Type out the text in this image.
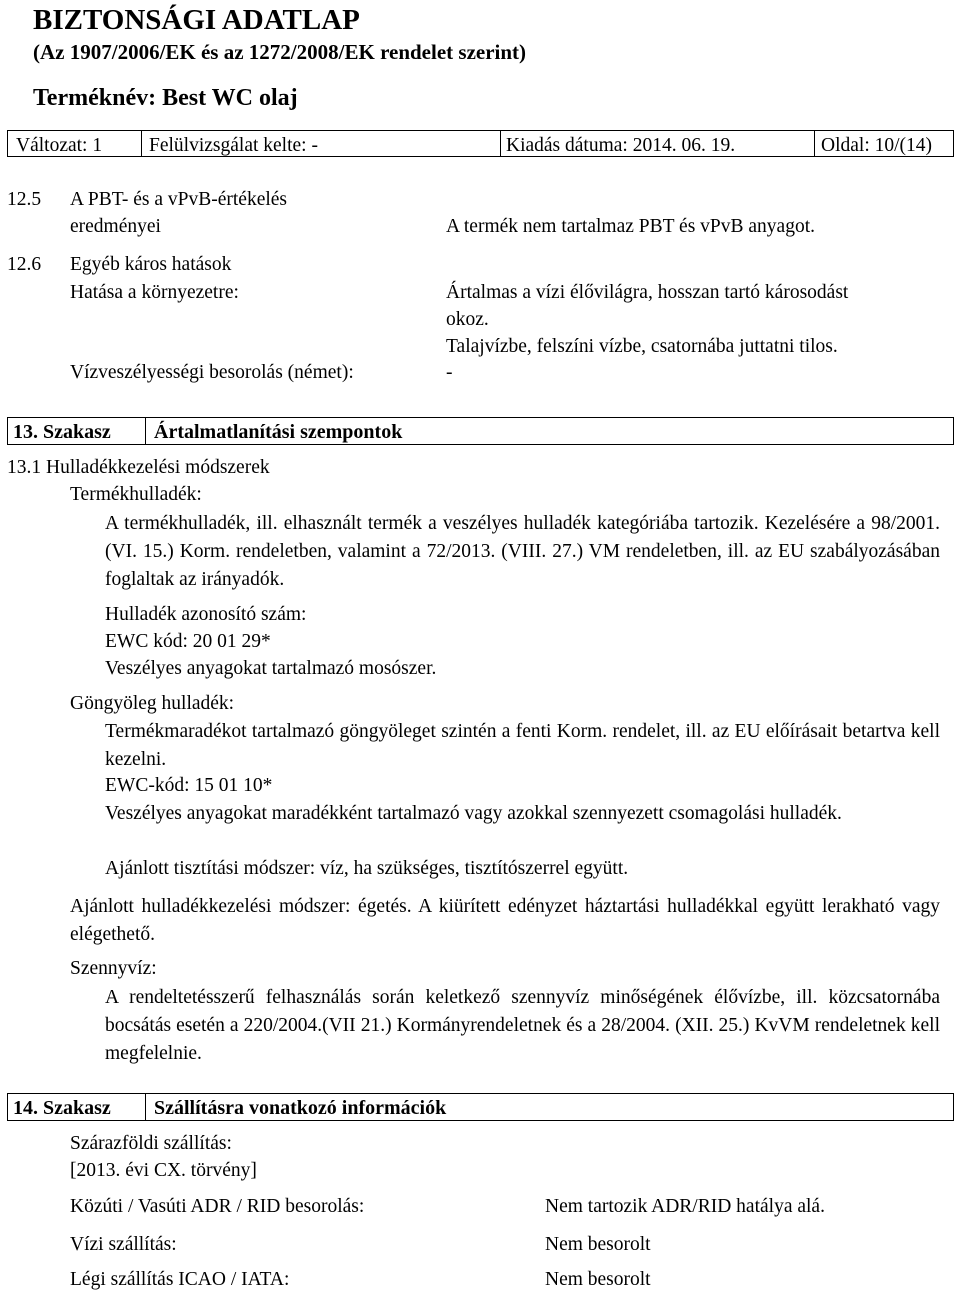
BIZTONSÁGI ADATLAP
(Az 1907/2006/EK és az 1272/2008/EK rendelet szerint)
Terméknév: Best WC olaj
Változat: 1 Felülvizsgálat kelte: -	Kiadás dátuma: 2014. 06. 19.	Oldal: 10/(14)
12.5 A PBT- és a vPvB-értékelés
eredményei	A termék nem tartalmaz PBT és vPvB anyagot.
12.6 Egyéb káros hatások
Hatása a környezetre:	Ártalmas a vízi élővilágra, hosszan tartó károsodást
okoz.
Talajvízbe, felszíni vízbe, csatornába juttatni tilos.
Vízveszélyességi besorolás (német):	-
13. Szakasz Ártalmatlanítási szempontok
13.1 Hulladékkezelési módszerek
Termékhulladék:
A termékhulladék, ill. elhasznált termék a veszélyes hulladék kategóriába tartozik. Kezelésére a 98/2001. (VI. 15.) Korm. rendeletben, valamint a 72/2013. (VIII. 27.) VM rendeletben, ill. az EU szabályozásában foglaltak az irányadók.
Hulladék azonosító szám:
EWC kód: 20 01 29*
Veszélyes anyagokat tartalmazó mosószer.
Göngyöleg hulladék:
Termékmaradékot tartalmazó göngyöleget szintén a fenti Korm. rendelet, ill. az EU előírásait betartva kell kezelni.
EWC-kód: 15 01 10*
Veszélyes anyagokat maradékként tartalmazó vagy azokkal szennyezett csomagolási hulladék.
Ajánlott tisztítási módszer: víz, ha szükséges, tisztítószerrel együtt.
Ajánlott hulladékkezelési módszer: égetés. A kiürített edényzet háztartási hulladékkal együtt lerakható vagy elégethető.
Szennyvíz:
A rendeltetésszerű felhasználás során keletkező szennyvíz minőségének élővízbe, ill. közcsatornába bocsátás esetén a 220/2004.(VII 21.) Kormányrendeletnek és a 28/2004. (XII. 25.) KvVM rendeletnek kell megfelelnie.
14. Szakasz Szállításra vonatkozó információk
Szárazföldi szállítás:
[2013. évi CX. törvény]
Közúti / Vasúti ADR / RID besorolás:	Nem tartozik ADR/RID hatálya alá.
Vízi szállítás:	Nem besorolt
Légi szállítás ICAO / IATA:	Nem besorolt
